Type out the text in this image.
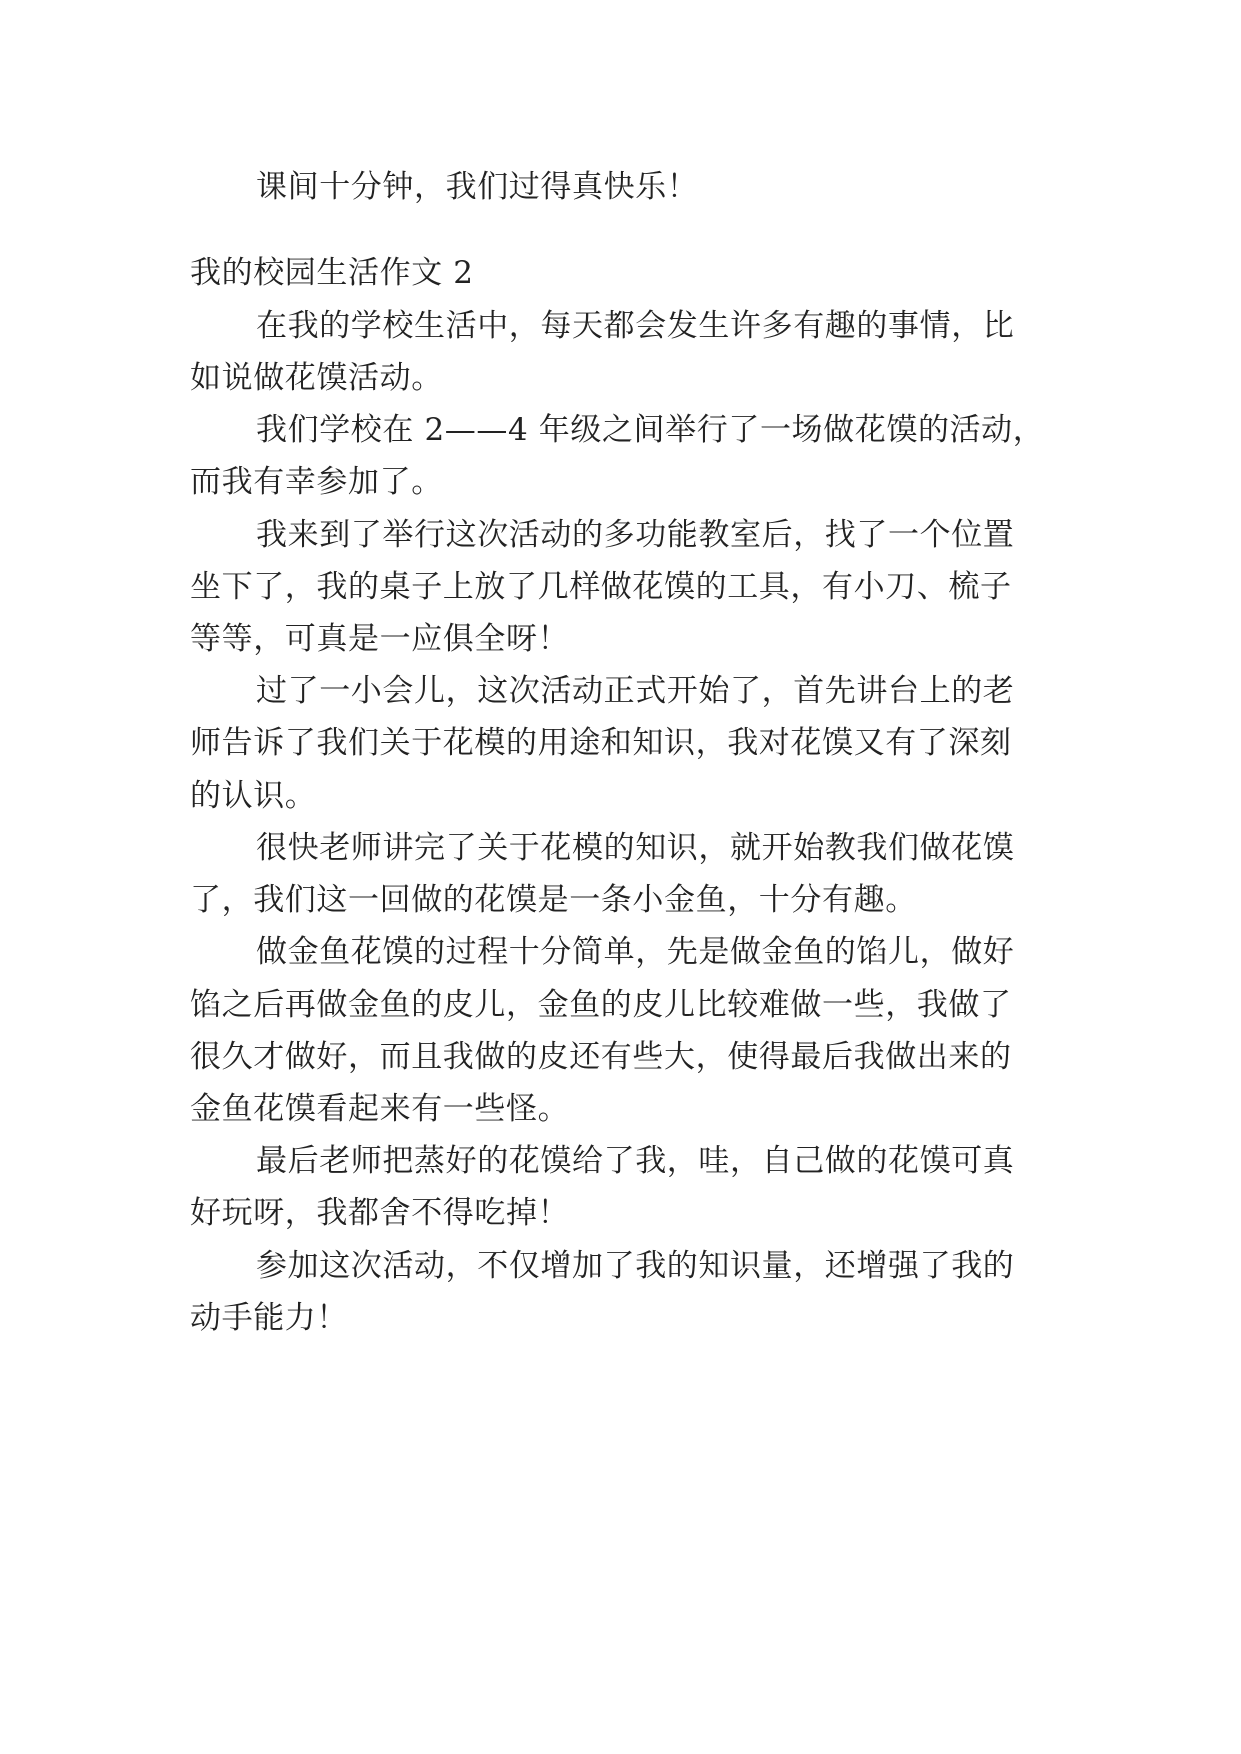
课间十分钟，我们过得真快乐！
我的校园生活作文 2
在我的学校生活中，每天都会发生许多有趣的事情，比
如说做花馍活动。
我们学校在 2——4 年级之间举行了一场做花馍的活动，
而我有幸参加了。
我来到了举行这次活动的多功能教室后，找了一个位置
坐下了，我的桌子上放了几样做花馍的工具，有小刀、梳子
等等，可真是一应俱全呀！
过了一小会儿，这次活动正式开始了，首先讲台上的老
师告诉了我们关于花模的用途和知识，我对花馍又有了深刻
的认识。
很快老师讲完了关于花模的知识，就开始教我们做花馍
了，我们这一回做的花馍是一条小金鱼，十分有趣。
做金鱼花馍的过程十分简单，先是做金鱼的馅儿，做好
馅之后再做金鱼的皮儿，金鱼的皮儿比较难做一些，我做了
很久才做好，而且我做的皮还有些大，使得最后我做出来的
金鱼花馍看起来有一些怪。
最后老师把蒸好的花馍给了我，哇，自己做的花馍可真
好玩呀，我都舍不得吃掉！
参加这次活动，不仅增加了我的知识量，还增强了我的
动手能力！
